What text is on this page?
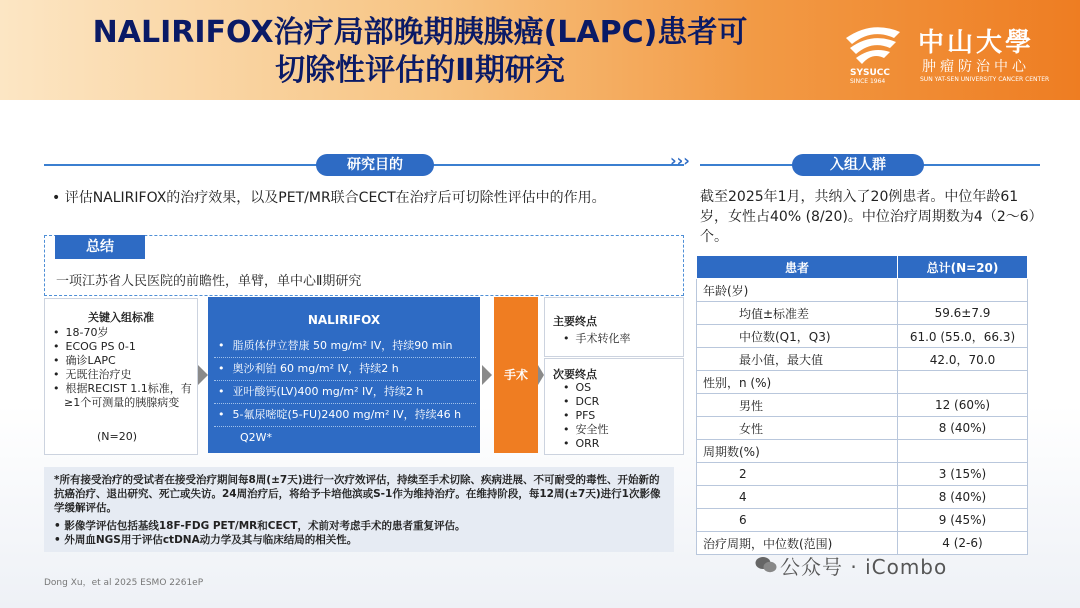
NALIRIFOX治疗局部晚期胰腺癌(LAPC)患者可
切除性评估的Ⅱ期研究	SYSUCC
SINCE 1964
中山大學
肿瘤防治中心
SUN YAT-SEN UNIVERSITY CANCER CENTER
研究目的	›››	入组人群
• 评估NALIRIFOX的治疗效果，以及PET/MR联合CECT在治疗后可切除性评估中的作用。	截至2025年1月，共纳入了20例患者。中位年龄61岁，女性占40% (8/20)。中位治疗周期数为4（2～6）个。
总结
一项江苏省人民医院的前瞻性，单臂，单中心Ⅱ期研究
关键入组标准
• 18-70岁
• ECOG PS 0-1
• 确诊LAPC
• 无既往治疗史
• 根据RECIST 1.1标准，有≥1个可测量的胰腺病变
(N=20)
NALIRIFOX
• 脂质体伊立替康 50 mg/m² IV，持续90 min
• 奥沙利铂 60 mg/m² IV，持续2 h
• 亚叶酸钙(LV)400 mg/m² IV，持续2 h
• 5-氟尿嘧啶(5-FU)2400 mg/m² IV，持续46 h
Q2W*
手术
主要终点
• 手术转化率
次要终点
• OS
• DCR
• PFS
• 安全性
• ORR

*所有接受治疗的受试者在接受治疗期间每8周(±7天)进行一次疗效评估，持续至手术切除、疾病进展、不可耐受的毒性、开始新的抗癌治疗、退出研究、死亡或失访。24周治疗后，将给予卡培他滨或S-1作为维持治疗。在维持阶段，每12周(±7天)进行1次影像学缓解评估。

• 影像学评估包括基线18F-FDG PET/MR和CECT，术前对考虑手术的患者重复评估。

• 外周血NGS用于评估ctDNA动力学及其与临床结局的相关性。

Dong Xu，et al 2025 ESMO 2261eP
患者	总计(N=20)
年龄(岁)	
均值±标准差	59.6±7.9
中位数(Q1，Q3)	61.0 (55.0，66.3)
最小值，最大值	42.0，70.0
性别，n (%)	
男性	12 (60%)
女性	8 (40%)
周期数(%)	
2	3 (15%)
4	8 (40%)
6	9 (45%)
治疗周期，中位数(范围)	4 (2-6)
公众号 · iCombo
